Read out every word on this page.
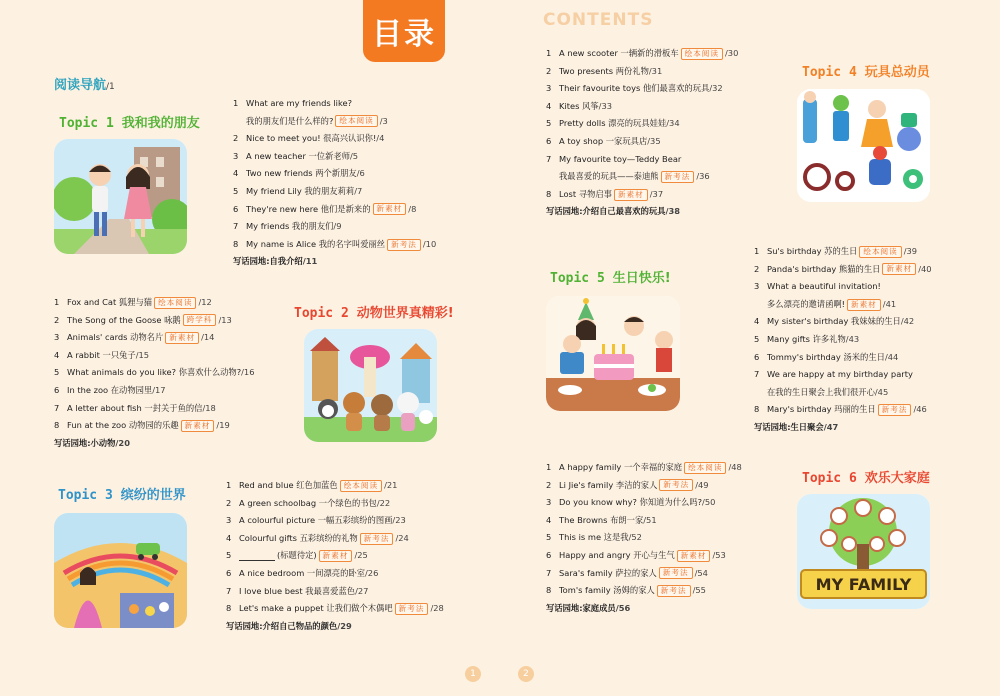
目录	CONTENTS
阅读导航/1
Topic 1 我和我的朋友
Topic 2 动物世界真精彩!
Topic 3 缤纷的世界
Topic 4 玩具总动员
Topic 5 生日快乐!
Topic 6 欢乐大家庭
1 What are my friends like?
我的朋友们是什么样的? 绘本阅读 /3
2 Nice to meet you! 很高兴认识你! /4
3 A new teacher 一位新老师 /5
4 Two new friends 两个新朋友 /6
5 My friend Lily 我的朋友莉莉 /7
6 They're new here 他们是新来的 新素材 /8
7 My friends 我的朋友们 /9
8 My name is Alice 我的名字叫爱丽丝 新考法 /10
写话园地:自我介绍 /11
1 Fox and Cat 狐狸与猫 绘本阅读 /12
2 The Song of the Goose 咏鹅 跨学科 /13
3 Animals' cards 动物名片 新素材 /14
4 A rabbit 一只兔子 /15
5 What animals do you like? 你喜欢什么动物? /16
6 In the zoo 在动物园里 /17
7 A letter about fish 一封关于鱼的信 /18
8 Fun at the zoo 动物园的乐趣 新素材 /19
写话园地:小动物 /20
1 Red and blue 红色加蓝色 绘本阅读 /21
2 A green schoolbag 一个绿色的书包 /22
3 A colourful picture 一幅五彩缤纷的图画 /23
4 Colourful gifts 五彩缤纷的礼物 新考法 /24
5	(标题待定) 新素材 /25
6 A nice bedroom 一间漂亮的卧室 /26
7 I love blue best 我最喜爱蓝色 /27
8 Let's make a puppet 让我们做个木偶吧 新考法 /28
写话园地:介绍自己物品的颜色 /29
1 A new scooter 一辆新的滑板车 绘本阅读 /30
2 Two presents 两份礼物 /31
3 Their favourite toys 他们最喜欢的玩具 /32
4 Kites 风筝 /33
5 Pretty dolls 漂亮的玩具娃娃 /34
6 A toy shop 一家玩具店 /35
7 My favourite toy—Teddy Bear
我最喜爱的玩具——泰迪熊 新考法 /36
8 Lost 寻物启事 新素材 /37
写话园地:介绍自己最喜欢的玩具 /38
1 Su's birthday 苏的生日 绘本阅读 /39
2 Panda's birthday 熊猫的生日 新素材 /40
3 What a beautiful invitation!
多么漂亮的邀请函啊! 新素材 /41
4 My sister's birthday 我妹妹的生日 /42
5 Many gifts 许多礼物 /43
6 Tommy's birthday 汤米的生日 /44
7 We are happy at my birthday party
在我的生日聚会上我们很开心 /45
8 Mary's birthday 玛丽的生日 新考法 /46
写话园地:生日聚会 /47
1 A happy family 一个幸福的家庭 绘本阅读 /48
2 Li Jie's family 李洁的家人 新考法 /49
3 Do you know why? 你知道为什么吗? /50
4 The Browns 布朗一家 /51
5 This is me 这是我 /52
6 Happy and angry 开心与生气 新素材 /53
7 Sara's family 萨拉的家人 新考法 /54
8 Tom's family 汤姆的家人 新考法 /55
写话园地:家庭成员 /56
MY FAMILY
1	2
